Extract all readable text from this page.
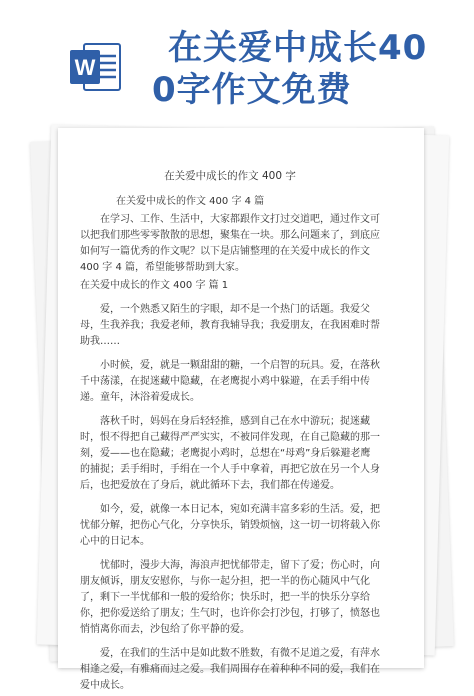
W 在关爱中成长40
0字作文免费
在关爱中成长的作文 400 字
在关爱中成长的作文 400 字 4 篇

在学习、工作、生活中，大家都跟作文打过交道吧，通过作文可以把我们那些零零散散的思想，聚集在一块。那么问题来了，到底应如何写一篇优秀的作文呢？以下是店铺整理的在关爱中成长的作文 400 字 4 篇，希望能够帮助到大家。

在关爱中成长的作文 400 字 篇 1

爱，一个熟悉又陌生的字眼，却不是一个热门的话题。我爱父母，生我养我；我爱老师，教育我辅导我；我爱朋友，在我困难时帮助我……

小时候，爱，就是一颗甜甜的糖，一个启智的玩具。爱，在落秋千中荡漾，在捉迷藏中隐藏，在老鹰捉小鸡中躲避，在丢手绢中传递。童年，沐浴着爱成长。

落秋千时，妈妈在身后轻轻推，感到自己在水中游玩；捉迷藏时，恨不得把自己藏得严严实实，不被同伴发现，在自己隐藏的那一刻，爱——也在隐藏；老鹰捉小鸡时，总想在“母鸡”身后躲避老鹰的捕捉；丢手绢时，手绢在一个人手中拿着，再把它放在另一个人身后，也把爱放在了身后，就此循环下去，我们都在传递爱。

如今，爱，就像一本日记本，宛如充满丰富多彩的生活。爱，把忧郁分解，把伤心气化，分享快乐，销毁烦恼，这一切一切将载入你心中的日记本。

忧郁时，漫步大海，海浪声把忧郁带走，留下了爱；伤心时，向朋友倾诉，朋友安慰你，与你一起分担，把一半的伤心随风中气化了，剩下一半忧郁和一般的爱给你；快乐时，把一半的快乐分享给你，把你爱送给了朋友；生气时，也许你会打沙包，打够了，愤怒也悄悄离你而去，沙包给了你平静的爱。

爱，在我们的生活中是如此数不胜数，有微不足道之爱，有萍水相逢之爱，有雅痛而过之爱。我们周围存在着种种不同的爱，我们在爱中成长。
